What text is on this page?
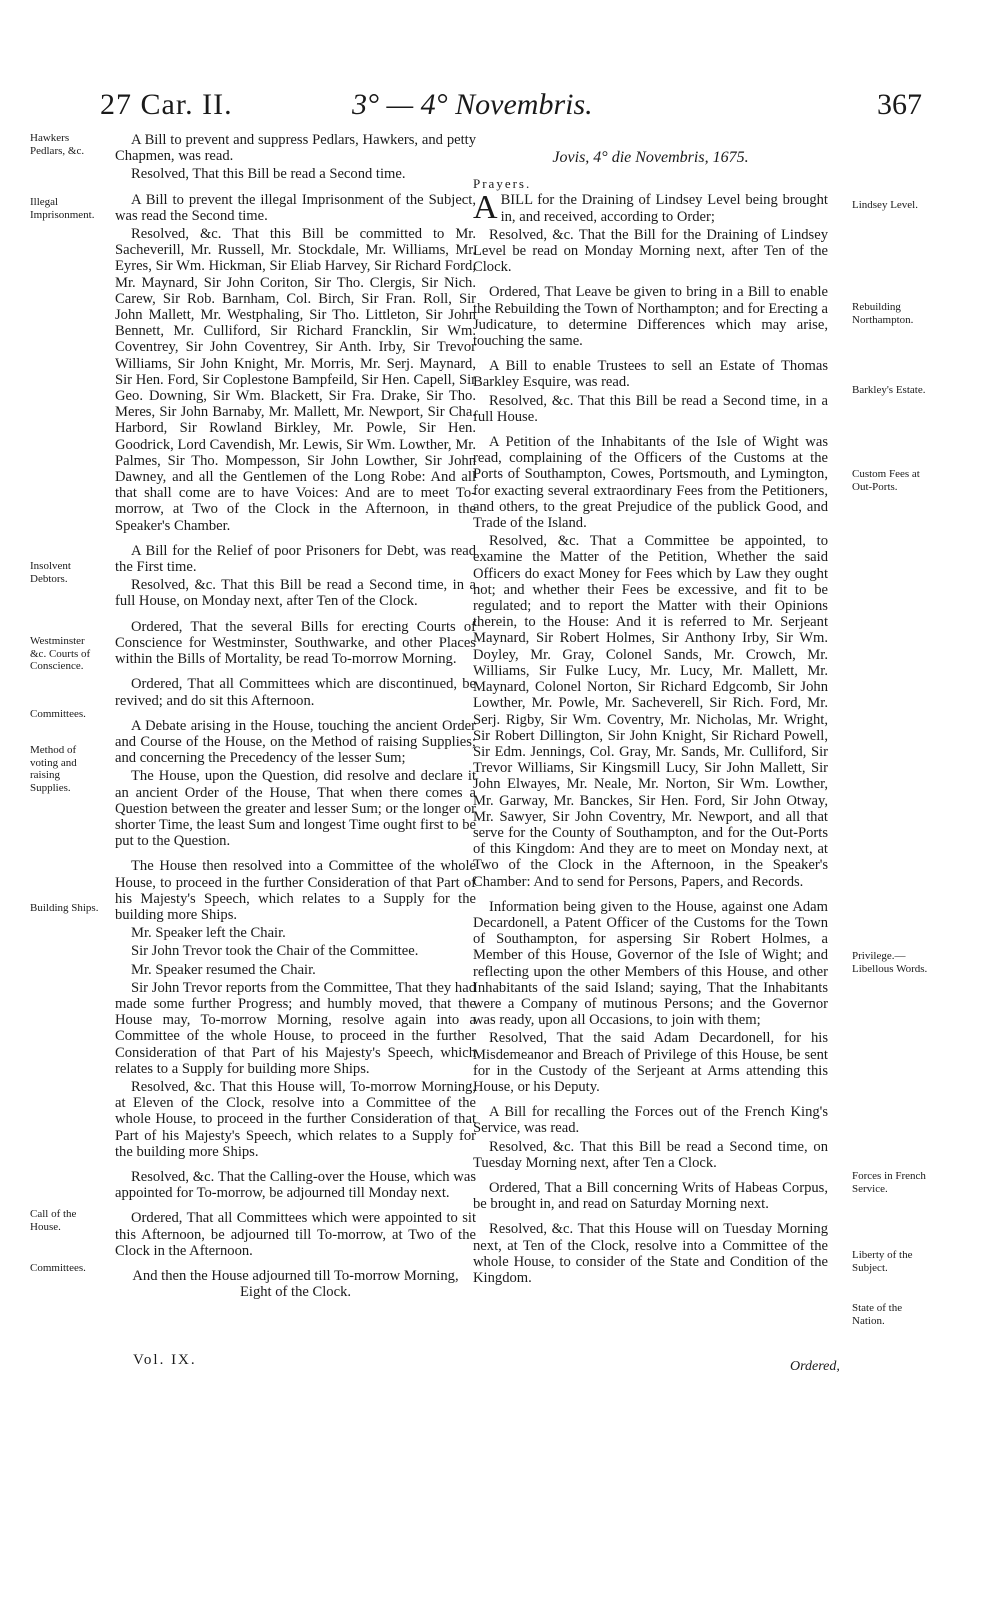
27 Car. II.	3° — 4° Novembris.	367
Hawkers Pedlars, &c.
Illegal Imprisonment.
Insolvent Debtors.
Westminster &c. Courts of Conscience.
Committees.
Method of voting and raising Supplies.
Building Ships.
Call of the House.
Committees.
Lindsey Level.
Rebuilding Northampton.
Barkley's Estate.
Custom Fees at Out-Ports.
Privilege.— Libellous Words.
Forces in French Service.
Liberty of the Subject.
State of the Nation.

A Bill to prevent and suppress Pedlars, Hawkers, and petty Chapmen, was read.

Resolved, That this Bill be read a Second time.

A Bill to prevent the illegal Imprisonment of the Subject, was read the Second time.

Resolved, &c. That this Bill be committed to Mr. Sacheverill, Mr. Russell, Mr. Stockdale, Mr. Williams, Mr. Eyres, Sir Wm. Hickman, Sir Eliab Harvey, Sir Richard Ford, Mr. Maynard, Sir John Coriton, Sir Tho. Clergis, Sir Nich. Carew, Sir Rob. Barnham, Col. Birch, Sir Fran. Roll, Sir John Mallett, Mr. Westphaling, Sir Tho. Littleton, Sir John Bennett, Mr. Culliford, Sir Richard Francklin, Sir Wm. Coventrey, Sir John Coventrey, Sir Anth. Irby, Sir Trevor Williams, Sir John Knight, Mr. Morris, Mr. Serj. Maynard, Sir Hen. Ford, Sir Coplestone Bampfeild, Sir Hen. Capell, Sir Geo. Downing, Sir Wm. Blackett, Sir Fra. Drake, Sir Tho. Meres, Sir John Barnaby, Mr. Mallett, Mr. Newport, Sir Cha. Harbord, Sir Rowland Birkley, Mr. Powle, Sir Hen. Goodrick, Lord Cavendish, Mr. Lewis, Sir Wm. Lowther, Mr. Palmes, Sir Tho. Mompesson, Sir John Lowther, Sir John Dawney, and all the Gentlemen of the Long Robe: And all that shall come are to have Voices: And are to meet To-morrow, at Two of the Clock in the Afternoon, in the Speaker's Chamber.

A Bill for the Relief of poor Prisoners for Debt, was read the First time.

Resolved, &c. That this Bill be read a Second time, in a full House, on Monday next, after Ten of the Clock.

Ordered, That the several Bills for erecting Courts of Conscience for Westminster, Southwarke, and other Places within the Bills of Mortality, be read To-morrow Morning.

Ordered, That all Committees which are discontinued, be revived; and do sit this Afternoon.

A Debate arising in the House, touching the ancient Order and Course of the House, on the Method of raising Supplies; and concerning the Precedency of the lesser Sum;

The House, upon the Question, did resolve and declare it an ancient Order of the House, That when there comes a Question between the greater and lesser Sum; or the longer or shorter Time, the least Sum and longest Time ought first to be put to the Question.

The House then resolved into a Committee of the whole House, to proceed in the further Consideration of that Part of his Majesty's Speech, which relates to a Supply for the building more Ships.

Mr. Speaker left the Chair.

Sir John Trevor took the Chair of the Committee.

Mr. Speaker resumed the Chair.

Sir John Trevor reports from the Committee, That they had made some further Progress; and humbly moved, that the House may, To-morrow Morning, resolve again into a Committee of the whole House, to proceed in the further Consideration of that Part of his Majesty's Speech, which relates to a Supply for building more Ships.

Resolved, &c. That this House will, To-morrow Morning, at Eleven of the Clock, resolve into a Committee of the whole House, to proceed in the further Consideration of that Part of his Majesty's Speech, which relates to a Supply for the building more Ships.

Resolved, &c. That the Calling-over the House, which was appointed for To-morrow, be adjourned till Monday next.

Ordered, That all Committees which were appointed to sit this Afternoon, be adjourned till To-morrow, at Two of the Clock in the Afternoon.

And then the House adjourned till To-morrow Morning, Eight of the Clock.

Jovis, 4° die Novembris, 1675.

Prayers.

ABILL for the Draining of Lindsey Level being brought in, and received, according to Order;

Resolved, &c. That the Bill for the Draining of Lindsey Level be read on Monday Morning next, after Ten of the Clock.

Ordered, That Leave be given to bring in a Bill to enable the Rebuilding the Town of Northampton; and for Erecting a Judicature, to determine Differences which may arise, touching the same.

A Bill to enable Trustees to sell an Estate of Thomas Barkley Esquire, was read.

Resolved, &c. That this Bill be read a Second time, in a full House.

A Petition of the Inhabitants of the Isle of Wight was read, complaining of the Officers of the Customs at the Ports of Southampton, Cowes, Portsmouth, and Lymington, for exacting several extraordinary Fees from the Petitioners, and others, to the great Prejudice of the publick Good, and Trade of the Island.

Resolved, &c. That a Committee be appointed, to examine the Matter of the Petition, Whether the said Officers do exact Money for Fees which by Law they ought not; and whether their Fees be excessive, and fit to be regulated; and to report the Matter with their Opinions therein, to the House: And it is referred to Mr. Serjeant Maynard, Sir Robert Holmes, Sir Anthony Irby, Sir Wm. Doyley, Mr. Gray, Colonel Sands, Mr. Crowch, Mr. Williams, Sir Fulke Lucy, Mr. Lucy, Mr. Mallett, Mr. Maynard, Colonel Norton, Sir Richard Edgcomb, Sir John Lowther, Mr. Powle, Mr. Sacheverell, Sir Rich. Ford, Mr. Serj. Rigby, Sir Wm. Coventry, Mr. Nicholas, Mr. Wright, Sir Robert Dillington, Sir John Knight, Sir Richard Powell, Sir Edm. Jennings, Col. Gray, Mr. Sands, Mr. Culliford, Sir Trevor Williams, Sir Kingsmill Lucy, Sir John Mallett, Sir John Elwayes, Mr. Neale, Mr. Norton, Sir Wm. Lowther, Mr. Garway, Mr. Banckes, Sir Hen. Ford, Sir John Otway, Mr. Sawyer, Sir John Coventry, Mr. Newport, and all that serve for the County of Southampton, and for the Out-Ports of this Kingdom: And they are to meet on Monday next, at Two of the Clock in the Afternoon, in the Speaker's Chamber: And to send for Persons, Papers, and Records.

Information being given to the House, against one Adam Decardonell, a Patent Officer of the Customs for the Town of Southampton, for aspersing Sir Robert Holmes, a Member of this House, Governor of the Isle of Wight; and reflecting upon the other Members of this House, and other Inhabitants of the said Island; saying, That the Inhabitants were a Company of mutinous Persons; and the Governor was ready, upon all Occasions, to join with them;

Resolved, That the said Adam Decardonell, for his Misdemeanor and Breach of Privilege of this House, be sent for in the Custody of the Serjeant at Arms attending this House, or his Deputy.

A Bill for recalling the Forces out of the French King's Service, was read.

Resolved, &c. That this Bill be read a Second time, on Tuesday Morning next, after Ten a Clock.

Ordered, That a Bill concerning Writs of Habeas Corpus, be brought in, and read on Saturday Morning next.

Resolved, &c. That this House will on Tuesday Morning next, at Ten of the Clock, resolve into a Committee of the whole House, to consider of the State and Condition of the Kingdom.

Vol. IX.	Ordered,
